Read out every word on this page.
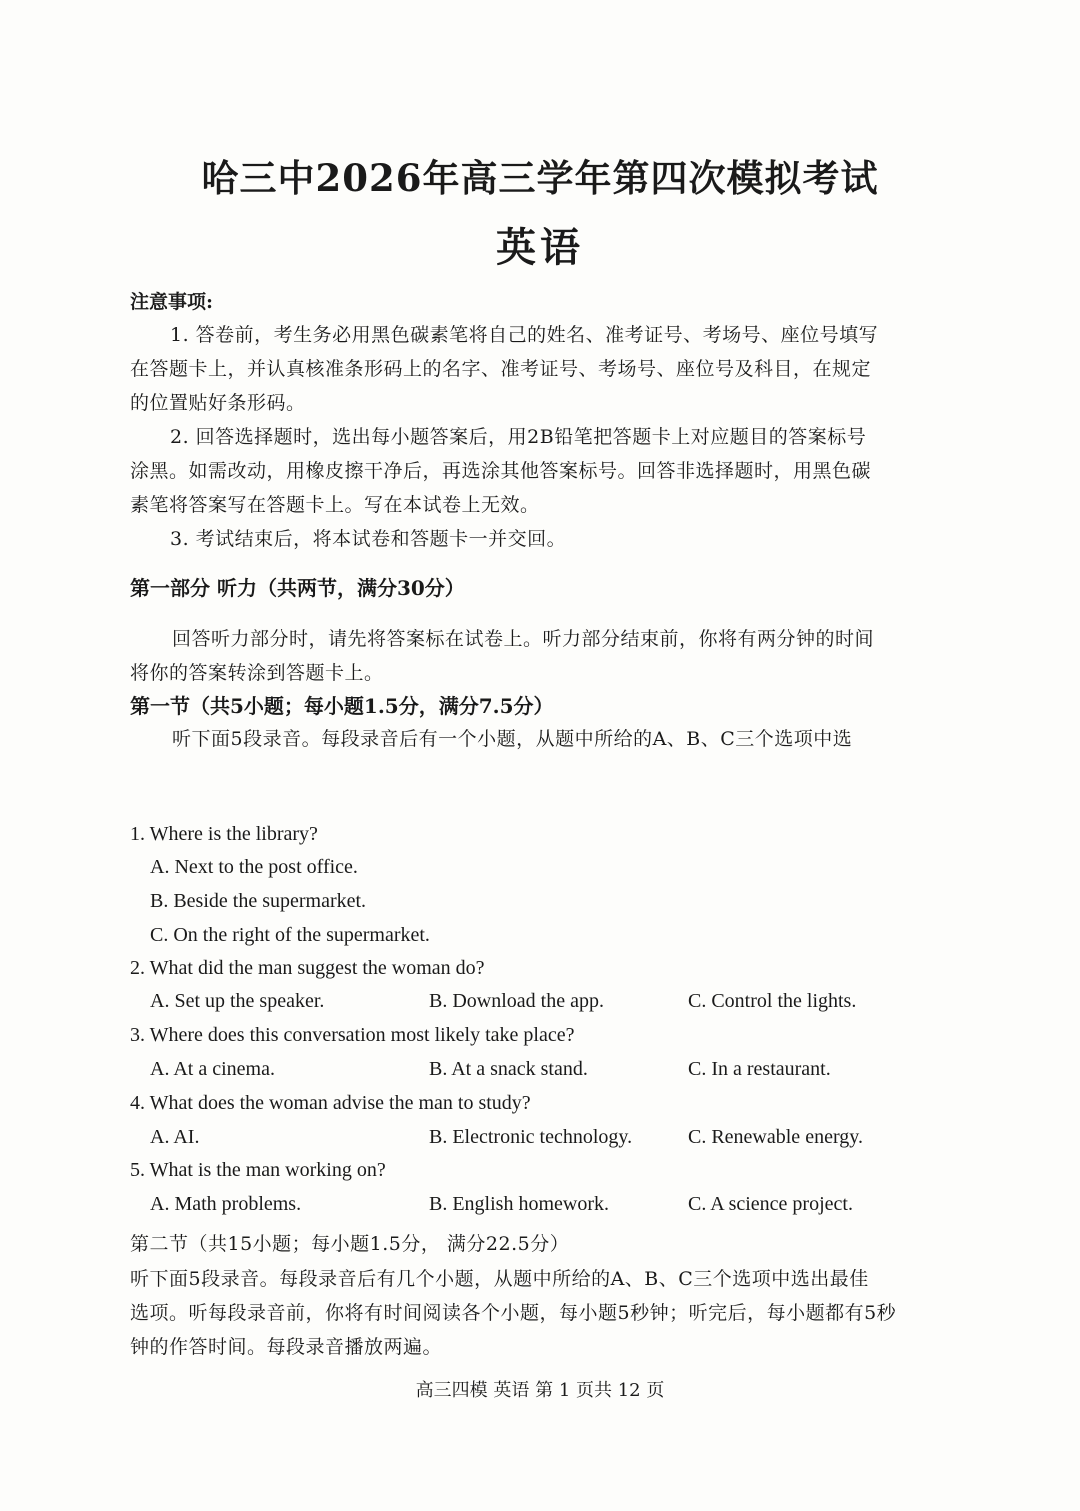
哈三中2026年高三学年第四次模拟考试
英语
注意事项:
1. 答卷前，考生务必用黑色碳素笔将自己的姓名、准考证号、考场号、座位号填写
在答题卡上，并认真核准条形码上的名字、准考证号、考场号、座位号及科目，在规定
的位置贴好条形码。
2. 回答选择题时，选出每小题答案后，用2B铅笔把答题卡上对应题目的答案标号
涂黑。如需改动，用橡皮擦干净后，再选涂其他答案标号。回答非选择题时，用黑色碳
素笔将答案写在答题卡上。写在本试卷上无效。
3. 考试结束后，将本试卷和答题卡一并交回。
第一部分 听力（共两节，满分30分）
回答听力部分时，请先将答案标在试卷上。听力部分结束前，你将有两分钟的时间
将你的答案转涂到答题卡上。
第一节（共5小题；每小题1.5分，满分7.5分）
听下面5段录音。每段录音后有一个小题，从题中所给的A、B、C三个选项中选
1. Where is the library?
A. Next to the post office.
B. Beside the supermarket.
C. On the right of the supermarket.
2. What did the man suggest the woman do?
A. Set up the speaker.	B. Download the app.	C. Control the lights.
3. Where does this conversation most likely take place?
A. At a cinema.	B. At a snack stand.	C. In a restaurant.
4. What does the woman advise the man to study?
A. AI.	B. Electronic technology.	C. Renewable energy.
5. What is the man working on?
A. Math problems.	B. English homework.	C. A science project.
第二节（共15小题；每小题1.5分， 满分22.5分）
听下面5段录音。每段录音后有几个小题，从题中所给的A、B、C三个选项中选出最佳
选项。听每段录音前，你将有时间阅读各个小题，每小题5秒钟；听完后，每小题都有5秒
钟的作答时间。每段录音播放两遍。
高三四模 英语 第 1 页共 12 页
